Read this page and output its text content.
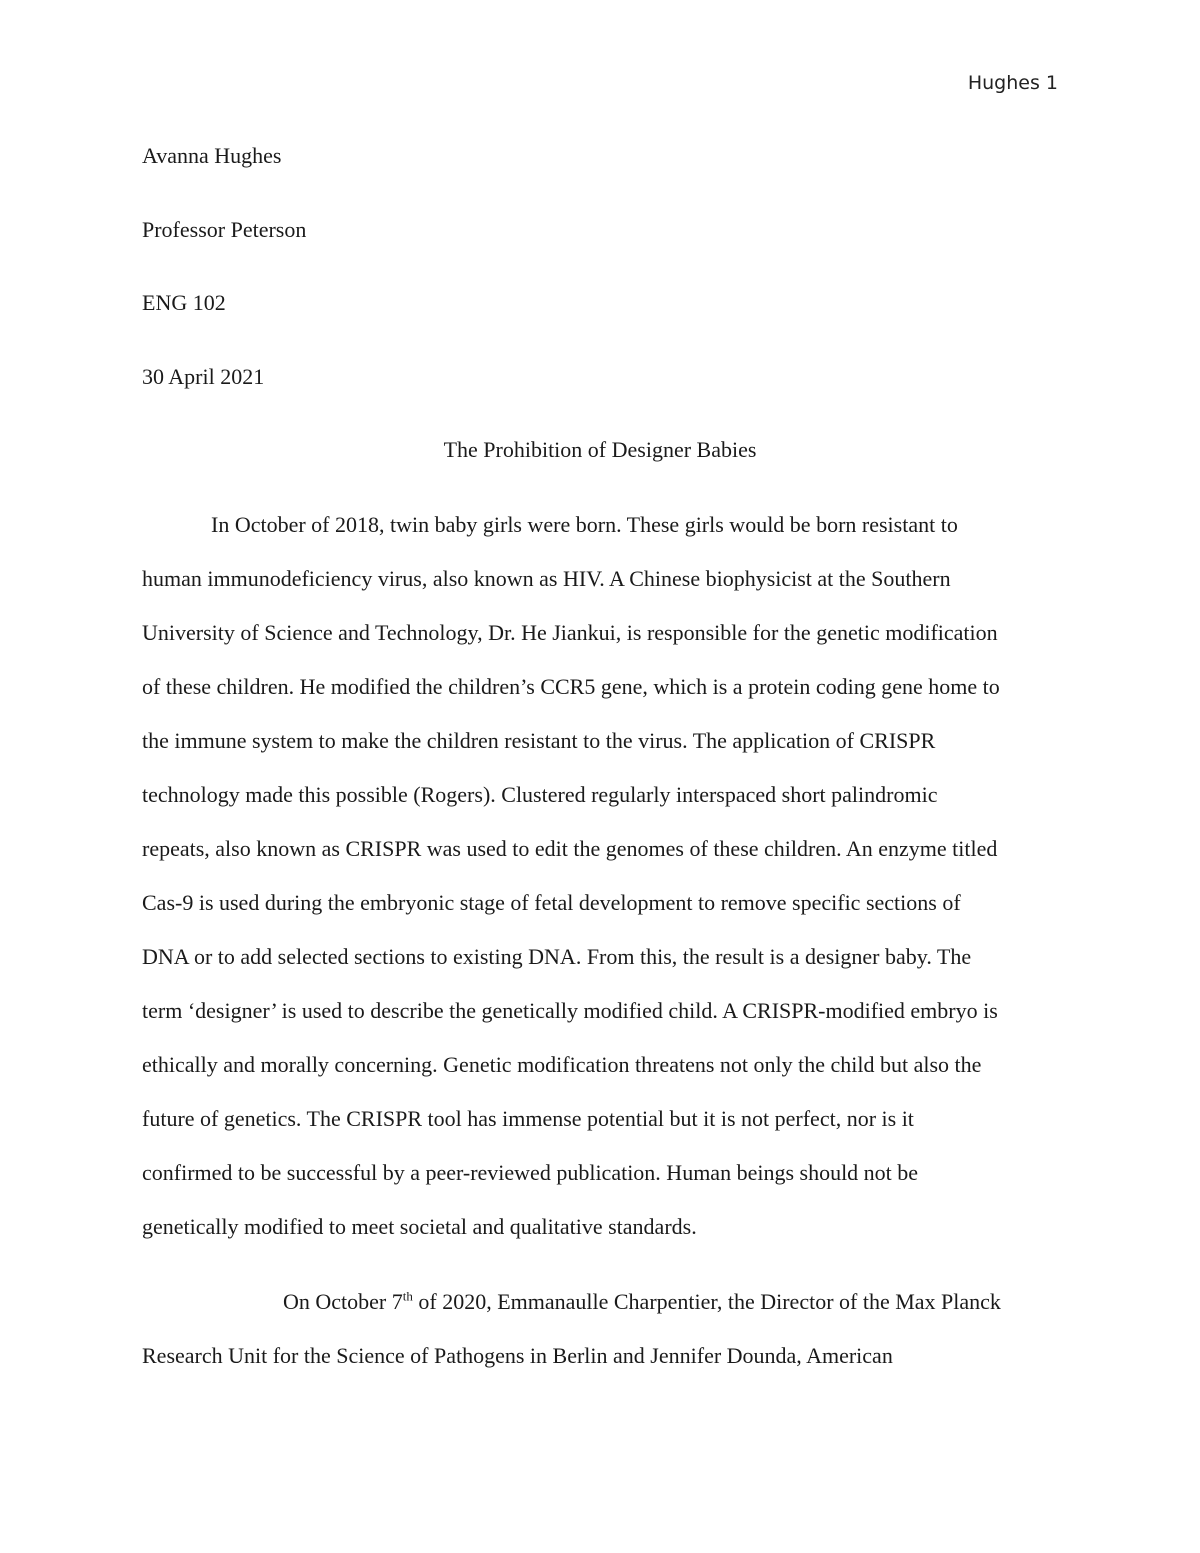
Hughes 1
Avanna Hughes
Professor Peterson
ENG 102
30 April 2021
The Prohibition of Designer Babies
In October of 2018, twin baby girls were born. These girls would be born resistant to
human immunodeficiency virus, also known as HIV. A Chinese biophysicist at the Southern
University of Science and Technology, Dr. He Jiankui, is responsible for the genetic modification
of these children. He modified the children’s CCR5 gene, which is a protein coding gene home to
the immune system to make the children resistant to the virus. The application of CRISPR
technology made this possible (Rogers). Clustered regularly interspaced short palindromic
repeats, also known as CRISPR was used to edit the genomes of these children. An enzyme titled
Cas-9 is used during the embryonic stage of fetal development to remove specific sections of
DNA or to add selected sections to existing DNA. From this, the result is a designer baby. The
term ‘designer’ is used to describe the genetically modified child. A CRISPR-modified embryo is
ethically and morally concerning. Genetic modification threatens not only the child but also the
future of genetics. The CRISPR tool has immense potential but it is not perfect, nor is it
confirmed to be successful by a peer-reviewed publication. Human beings should not be
genetically modified to meet societal and qualitative standards.
On October 7th of 2020, Emmanaulle Charpentier, the Director of the Max Planck
Research Unit for the Science of Pathogens in Berlin and Jennifer Dounda, American
